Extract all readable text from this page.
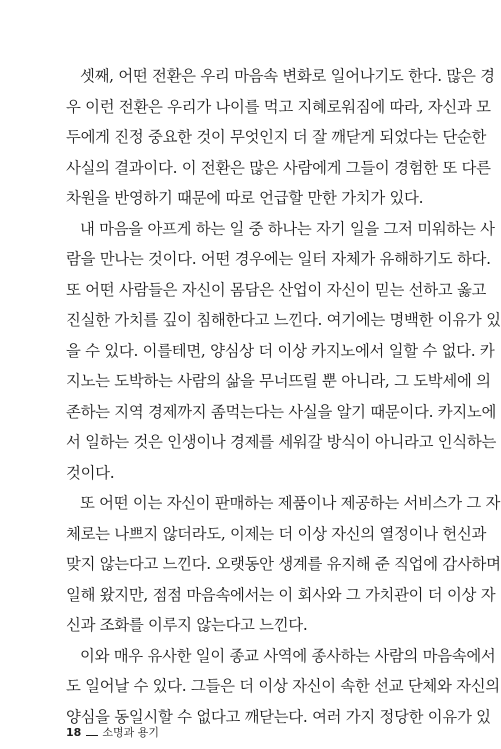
셋째, 어떤 전환은 우리 마음속 변화로 일어나기도 한다. 많은 경
우 이런 전환은 우리가 나이를 먹고 지혜로워짐에 따라, 자신과 모
두에게 진정 중요한 것이 무엇인지 더 잘 깨닫게 되었다는 단순한
사실의 결과이다. 이 전환은 많은 사람에게 그들이 경험한 또 다른
차원을 반영하기 때문에 따로 언급할 만한 가치가 있다.
내 마음을 아프게 하는 일 중 하나는 자기 일을 그저 미워하는 사
람을 만나는 것이다. 어떤 경우에는 일터 자체가 유해하기도 하다.
또 어떤 사람들은 자신이 몸담은 산업이 자신이 믿는 선하고 옳고
진실한 가치를 깊이 침해한다고 느낀다. 여기에는 명백한 이유가 있
을 수 있다. 이를테면, 양심상 더 이상 카지노에서 일할 수 없다. 카
지노는 도박하는 사람의 삶을 무너뜨릴 뿐 아니라, 그 도박세에 의
존하는 지역 경제까지 좀먹는다는 사실을 알기 때문이다. 카지노에
서 일하는 것은 인생이나 경제를 세워갈 방식이 아니라고 인식하는
것이다.
또 어떤 이는 자신이 판매하는 제품이나 제공하는 서비스가 그 자
체로는 나쁘지 않더라도, 이제는 더 이상 자신의 열정이나 헌신과
맞지 않는다고 느낀다. 오랫동안 생계를 유지해 준 직업에 감사하며
일해 왔지만, 점점 마음속에서는 이 회사와 그 가치관이 더 이상 자
신과 조화를 이루지 않는다고 느낀다.
이와 매우 유사한 일이 종교 사역에 종사하는 사람의 마음속에서
도 일어날 수 있다. 그들은 더 이상 자신이 속한 선교 단체와 자신의
양심을 동일시할 수 없다고 깨닫는다. 여러 가지 정당한 이유가 있
18 소명과 용기
